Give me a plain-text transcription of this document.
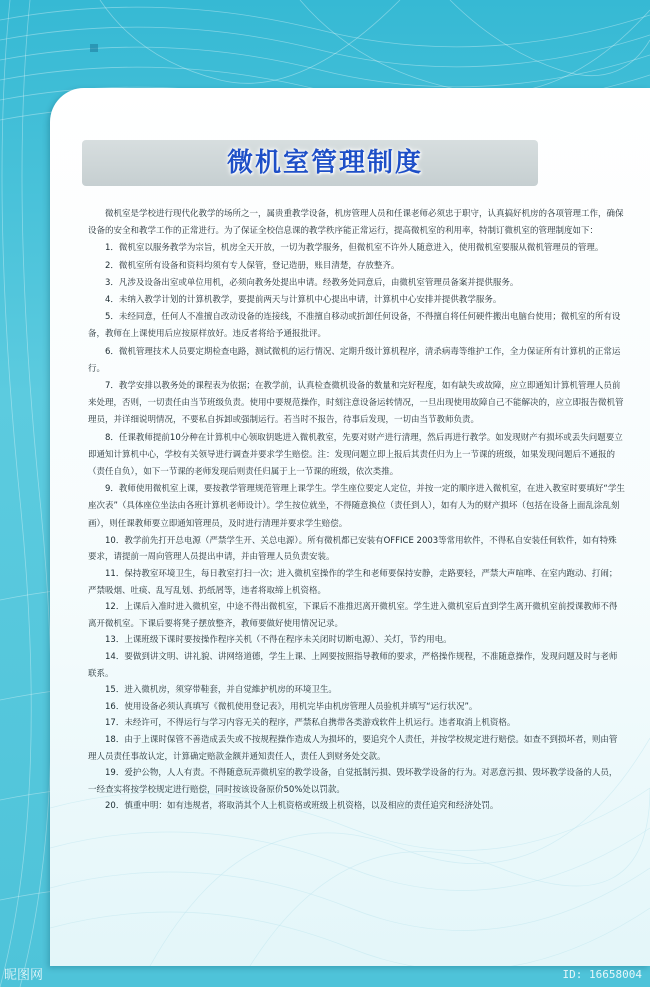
微机室管理制度

微机室是学校进行现代化教学的场所之一，属贵重教学设备，机房管理人员和任课老师必须忠于职守，认真搞好机房的各项管理工作，确保设备的安全和教学工作的正常进行。为了保证全校信息课的教学秩序能正常运行，提高微机室的利用率，特制订微机室的管理制度如下：

1．微机室以服务教学为宗旨，机房全天开放，一切为教学服务，但微机室不许外人随意进入，使用微机室要服从微机管理员的管理。

2．微机室所有设备和资料均须有专人保管，登记造册，账目清楚，存放整齐。

3．凡涉及设备出室或单位用机，必须向教务处提出申请。经教务处同意后，由微机室管理员备案并提供服务。

4．未纳入教学计划的计算机教学，要提前两天与计算机中心提出申请，计算机中心安排并提供教学服务。

5．未经同意，任何人不准擅自改动设备的连接线，不准擅自移动或折卸任何设备，不得擅自将任何硬件搬出电脑台使用；微机室的所有设备，教师在上课使用后应按原样放好。违反者将给予通报批评。

6．微机管理技术人员要定期检查电路，测试微机的运行情况、定期升级计算机程序，清杀病毒等维护工作，全力保证所有计算机的正常运行。

7．教学安排以教务处的课程表为依据；在教学前，认真检查微机设备的数量和完好程度，如有缺失或故障，应立即通知计算机管理人员前来处理，否则，一切责任由当节班级负责。使用中要规范操作，时刻注意设备运转情况，一旦出现使用故障自己不能解决的，应立即报告微机管理员，并详细说明情况，不要私自拆卸或强制运行。若当时不报告，待事后发现，一切由当节教师负责。

8．任课教师提前10分种在计算机中心领取钥匙进入微机教室，先要对财产进行清理，然后再进行教学。如发现财产有损坏或丢失问题要立即通知计算机中心，学校有关领导进行调查并要求学生赔偿。注：发现问题立即上报后其责任归为上一节课的班级，如果发现问题后不通报的（责任自负），如下一节课的老师发现后则责任归属于上一节课的班级，依次类推。

9．教师使用微机室上课，要按教学管理规范管理上课学生。学生座位要定人定位，并按一定的顺序进入微机室，在进入教室时要填好“学生座次表”（具体座位坐法由各班计算机老师设计）。学生按位就坐，不得随意换位（责任到人），如有人为的财产损坏（包括在设备上面乱涂乱刻画），则任课教师要立即通知管理员，及时进行清理并要求学生赔偿。

10．教学前先打开总电源（严禁学生开、关总电源）。所有微机都已安装有OFFICE 2003等常用软件，不得私自安装任何软件，如有特殊要求，请提前一周向管理人员提出申请，并由管理人员负责安装。

11．保持教室环境卫生，每日教室打扫一次；进入微机室操作的学生和老师要保持安静，走路要轻，严禁大声喧哗、在室内跑动、打闹；严禁吸烟、吐痰、乱写乱划、扔纸屑等，违者将取缔上机资格。

12．上课后入准时进入微机室，中途不得出微机室，下课后不准推迟离开微机室。学生进入微机室后直到学生离开微机室前授课教师不得离开微机室。下课后要将凳子摆放整齐，教师要做好使用情况记录。

13．上课班级下课时要按操作程序关机（不得在程序未关闭时切断电源）、关灯，节约用电。

14．要做到讲文明、讲礼貌、讲网络道德，学生上课、上网要按照指导教师的要求，严格操作规程，不准随意操作，发现问题及时与老师联系。

15．进入微机房，须穿带鞋套，并自觉維护机房的环境卫生。

16．使用设备必须认真填写《微机使用登记表》，用机完毕由机房管理人员验机并填写“运行状况”。

17．未经许可，不得运行与学习内容无关的程序，严禁私自携带各类游戏软件上机运行。违者取消上机资格。

18．由于上课时保管不善造成丢失或不按规程操作造成人为损坏的，要追究个人责任，并按学校规定进行赔偿。如查不到损坏者，则由管理人员责任事故认定，计算确定赔款金额并通知责任人，责任人到财务处交款。

19．爱护公物，人人有责。不得随意玩弄微机室的教学设备，自觉抵制污损、毁坏教学设备的行为。对恶意污损、毁坏教学设备的人员，一经查实将按学校规定进行赔偿，同时按该设备原价50%处以罚款。

20．慎重申明：如有违规者，将取消其个人上机资格或班级上机资格，以及相应的责任追究和经济处罚。

昵图网	ID: 16658004
